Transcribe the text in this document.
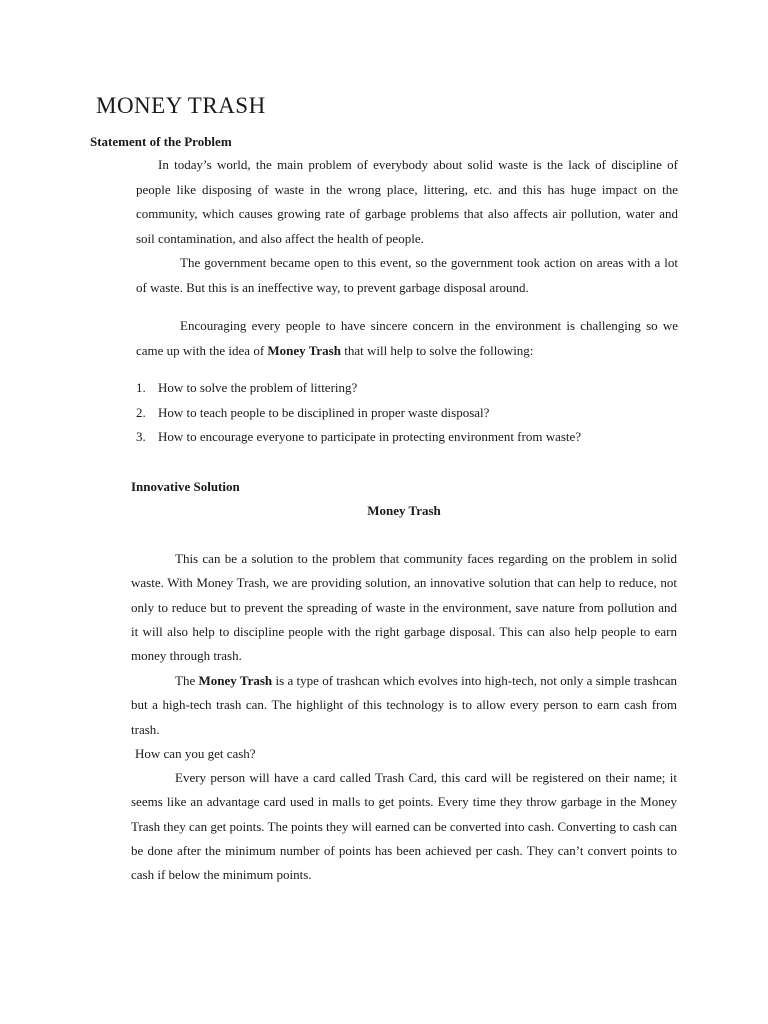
MONEY TRASH
Statement of the Problem

In today’s world, the main problem of everybody about solid waste is the lack of discipline of people like disposing of waste in the wrong place, littering, etc. and this has huge impact on the community, which causes growing rate of garbage problems that also affects air pollution, water and soil contamination, and also affect the health of people.

The government became open to this event, so the government took action on areas with a lot of waste. But this is an ineffective way, to prevent garbage disposal around.

Encouraging every people to have sincere concern in the environment is challenging so we came up with the idea of Money Trash that will help to solve the following:

1. How to solve the problem of littering?
2. How to teach people to be disciplined in proper waste disposal?
3. How to encourage everyone to participate in protecting environment from waste?
Innovative Solution
Money Trash

This can be a solution to the problem that community faces regarding on the problem in solid waste. With Money Trash, we are providing solution, an innovative solution that can help to reduce, not only to reduce but to prevent the spreading of waste in the environment, save nature from pollution and it will also help to discipline people with the right garbage disposal. This can also help people to earn money through trash.

The Money Trash is a type of trashcan which evolves into high-tech, not only a simple trashcan but a high-tech trash can. The highlight of this technology is to allow every person to earn cash from trash.

How can you get cash?

Every person will have a card called Trash Card, this card will be registered on their name; it seems like an advantage card used in malls to get points. Every time they throw garbage in the Money Trash they can get points. The points they will earned can be converted into cash. Converting to cash can be done after the minimum number of points has been achieved per cash. They can’t convert points to cash if below the minimum points.
